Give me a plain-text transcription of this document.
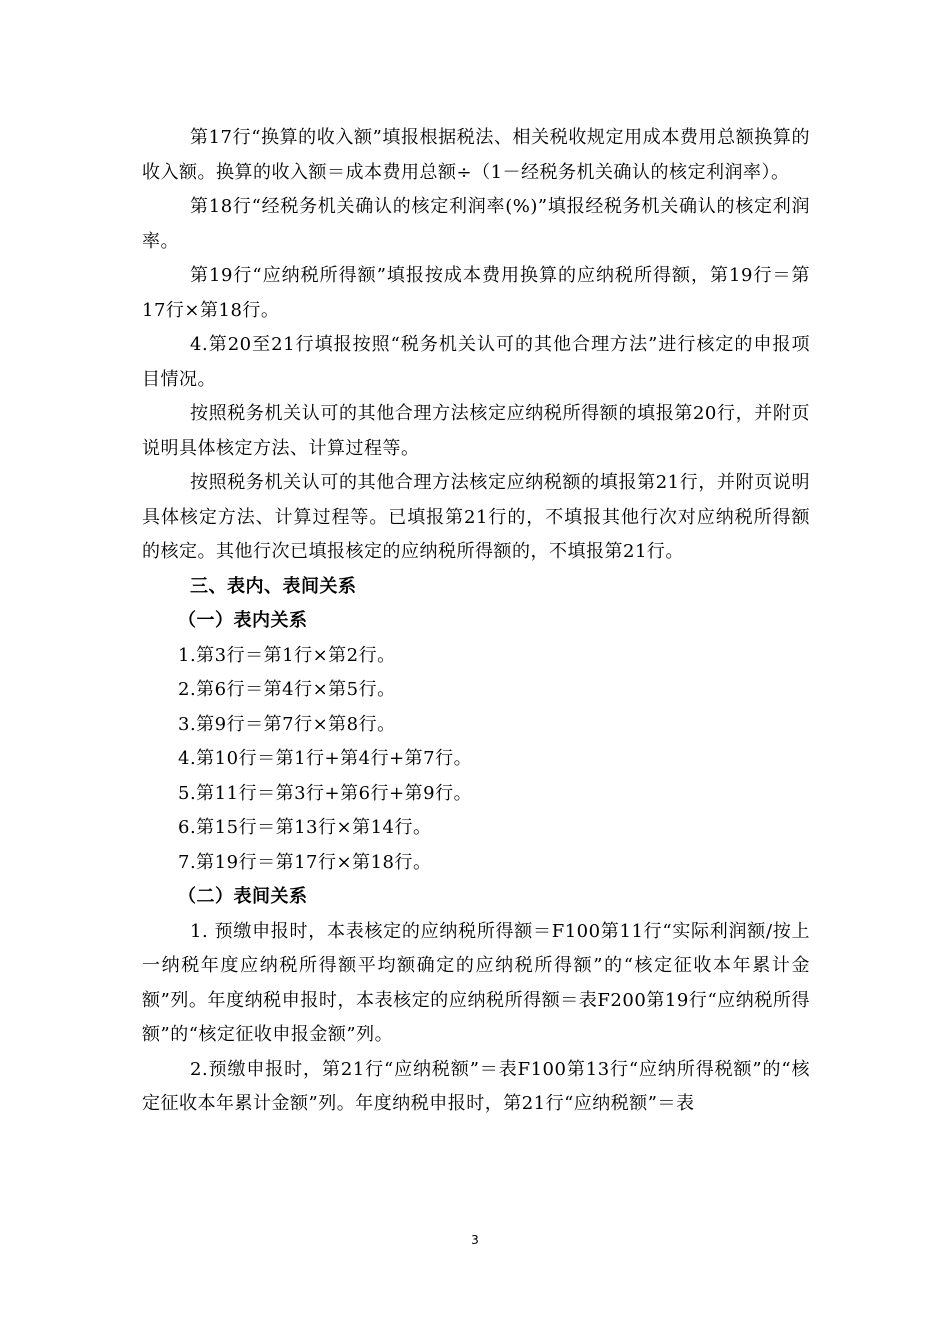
第17行“换算的收入额”填报根据税法、相关税收规定用成本费用总额换算的收入额。换算的收入额＝成本费用总额÷（1－经税务机关确认的核定利润率）。

第18行“经税务机关确认的核定利润率(%)”填报经税务机关确认的核定利润率。

第19行“应纳税所得额”填报按成本费用换算的应纳税所得额，第19行＝第17行×第18行。

4.第20至21行填报按照“税务机关认可的其他合理方法”进行核定的申报项目情况。

按照税务机关认可的其他合理方法核定应纳税所得额的填报第20行，并附页说明具体核定方法、计算过程等。

按照税务机关认可的其他合理方法核定应纳税额的填报第21行，并附页说明具体核定方法、计算过程等。已填报第21行的，不填报其他行次对应纳税所得额的核定。其他行次已填报核定的应纳税所得额的，不填报第21行。

三、表内、表间关系

（一）表内关系

1.第3行＝第1行×第2行。

2.第6行＝第4行×第5行。

3.第9行＝第7行×第8行。

4.第10行＝第1行+第4行+第7行。

5.第11行＝第3行+第6行+第9行。

6.第15行＝第13行×第14行。

7.第19行＝第17行×第18行。

（二）表间关系

1. 预缴申报时，本表核定的应纳税所得额＝F100第11行“实际利润额/按上一纳税年度应纳税所得额平均额确定的应纳税所得额”的“核定征收本年累计金额”列。年度纳税申报时，本表核定的应纳税所得额＝表F200第19行“应纳税所得额”的“核定征收申报金额”列。

2.预缴申报时，第21行“应纳税额”＝表F100第13行“应纳所得税额”的“核定征收本年累计金额”列。年度纳税申报时，第21行“应纳税额”＝表

3
